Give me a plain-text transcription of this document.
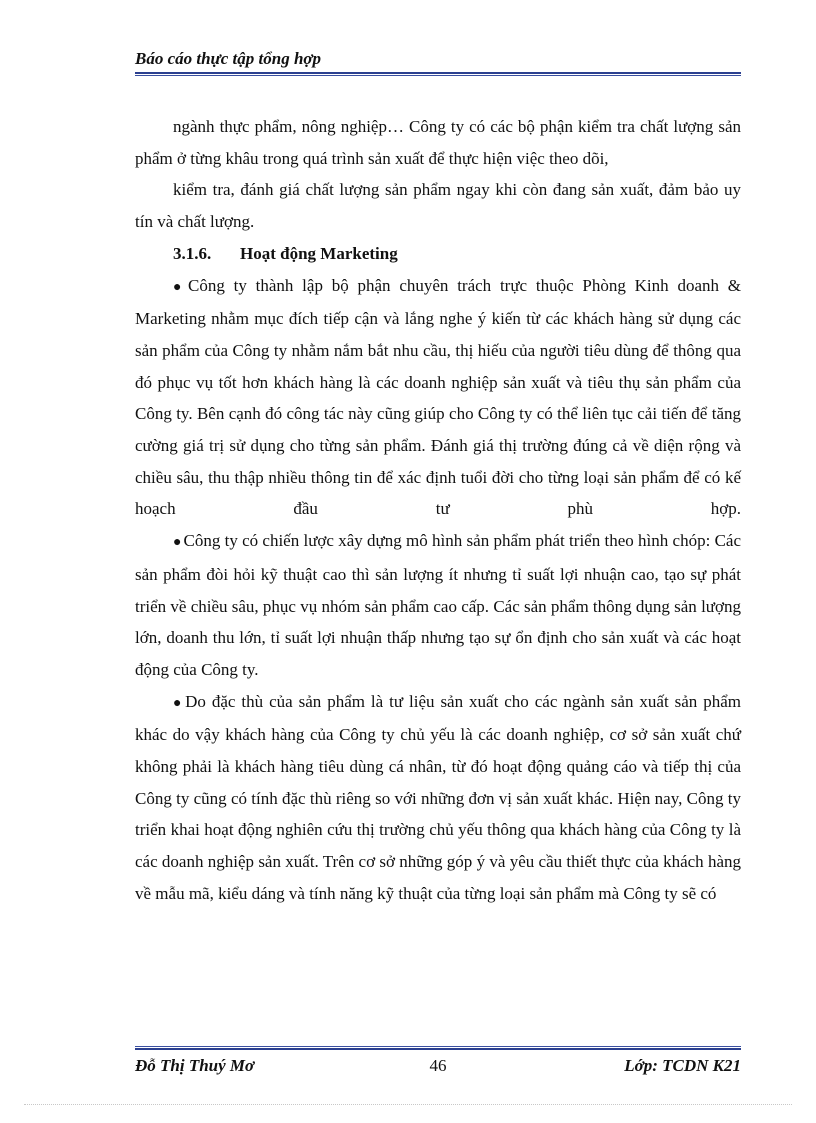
Báo cáo thực tập tổng hợp

ngành thực phẩm, nông nghiệp… Công ty có các bộ phận kiểm tra chất lượng sản phẩm ở từng khâu trong quá trình sản xuất để thực hiện việc theo dõi,

kiểm tra, đánh giá chất lượng sản phẩm ngay khi còn đang sản xuất, đảm bảo uy tín và chất lượng.

3.1.6. Hoạt động Marketing

● Công ty thành lập bộ phận chuyên trách trực thuộc Phòng Kinh doanh & Marketing nhằm mục đích tiếp cận và lắng nghe ý kiến từ các khách hàng sử dụng các sản phẩm của Công ty nhằm nắm bắt nhu cầu, thị hiếu của người tiêu dùng để thông qua đó phục vụ tốt hơn khách hàng là các doanh nghiệp sản xuất và tiêu thụ sản phẩm của Công ty. Bên cạnh đó công tác này cũng giúp cho Công ty có thể liên tục cải tiến để tăng cường giá trị sử dụng cho từng sản phẩm. Đánh giá thị trường đúng cả về diện rộng và chiều sâu, thu thập nhiều thông tin để xác định tuổi đời cho từng loại sản phẩm để có kế hoạch đầu tư phù hợp.

● Công ty có chiến lược xây dựng mô hình sản phẩm phát triển theo hình chóp: Các sản phẩm đòi hỏi kỹ thuật cao thì sản lượng ít nhưng tỉ suất lợi nhuận cao, tạo sự phát triển về chiều sâu, phục vụ nhóm sản phẩm cao cấp. Các sản phẩm thông dụng sản lượng lớn, doanh thu lớn, tỉ suất lợi nhuận thấp nhưng tạo sự ổn định cho sản xuất và các hoạt động của Công ty.

● Do đặc thù của sản phẩm là tư liệu sản xuất cho các ngành sản xuất sản phẩm khác do vậy khách hàng của Công ty chủ yếu là các doanh nghiệp, cơ sở sản xuất chứ không phải là khách hàng tiêu dùng cá nhân, từ đó hoạt động quảng cáo và tiếp thị của Công ty cũng có tính đặc thù riêng so với những đơn vị sản xuất khác. Hiện nay, Công ty triển khai hoạt động nghiên cứu thị trường chủ yếu thông qua khách hàng của Công ty là các doanh nghiệp sản xuất. Trên cơ sở những góp ý và yêu cầu thiết thực của khách hàng về mẫu mã, kiểu dáng và tính năng kỹ thuật của từng loại sản phẩm mà Công ty sẽ có

Đỗ Thị Thuý Mơ	46	Lớp: TCDN K21
